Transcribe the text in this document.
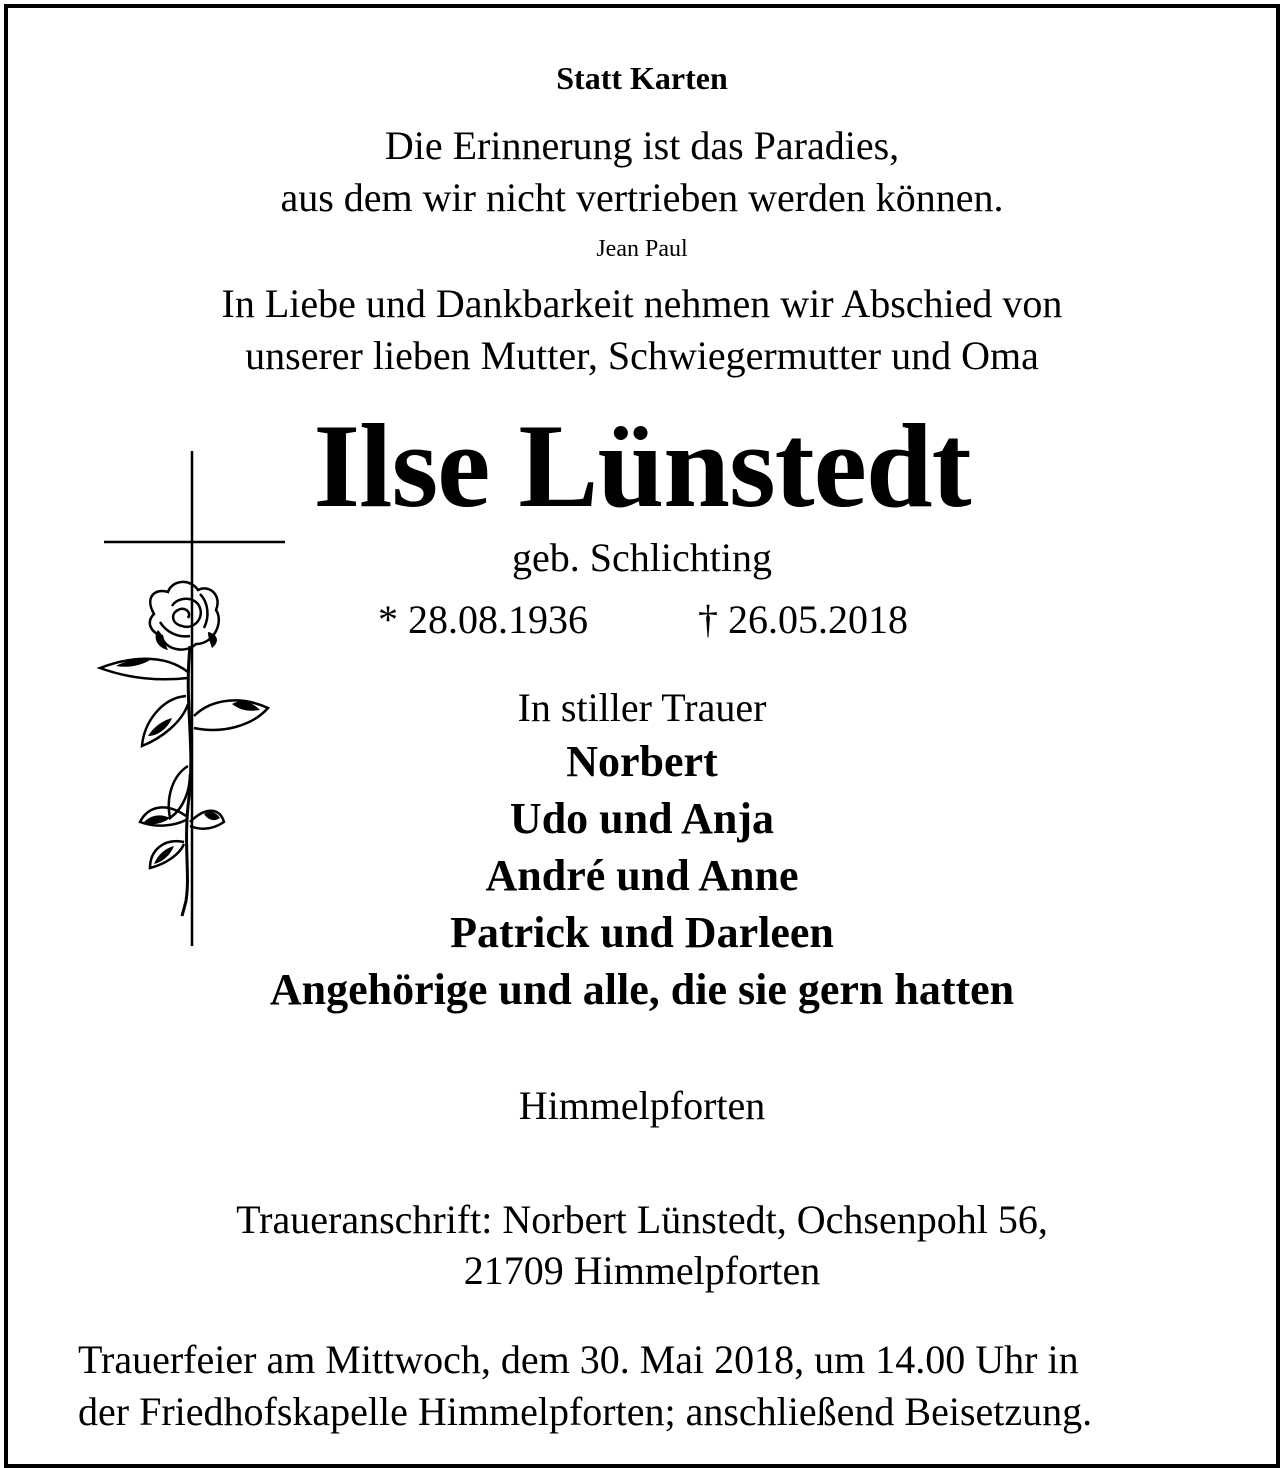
Statt Karten
Die Erinnerung ist das Paradies,
aus dem wir nicht vertrieben werden können.
Jean Paul
In Liebe und Dankbarkeit nehmen wir Abschied von
unserer lieben Mutter, Schwiegermutter und Oma
Ilse Lünstedt
geb. Schlichting
* 28.08.1936	† 26.05.2018
In stiller Trauer
Norbert
Udo und Anja
André und Anne
Patrick und Darleen
Angehörige und alle, die sie gern hatten
Himmelpforten
Traueranschrift: Norbert Lünstedt, Ochsenpohl 56,
21709 Himmelpforten
Trauerfeier am Mittwoch, dem 30. Mai 2018, um 14.00 Uhr in
der Friedhofskapelle Himmelpforten; anschließend Beisetzung.
